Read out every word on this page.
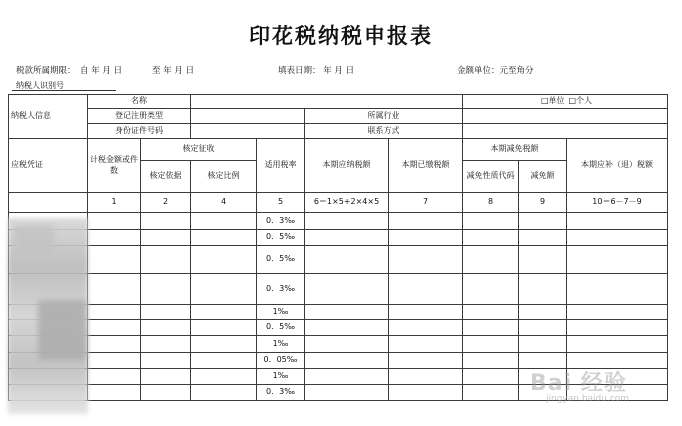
印花税纳税申报表
税款所属期限： 自 年 月 日	至 年 月 日	填表日期： 年 月 日	金额单位：元至角分
纳税人识别号
纳税人信息	名称						□单位		□个人
	登记注册类型				所属行业				
	身份证件号码				联系方式				
应税凭证	计税金额或件数	核定征收		适用税率	本期应纳税额	本期已缴税额	本期减免税额		本期应补（退）税额
		核定依据	核定比例				减免性质代码	减免额	
	1	2	4	5	6＝1×5+2×4×5	7	8	9	10＝6－7－9
				0．3‰					
				0．5‰					
				0．5‰					
				0．3‰					
				1‰					
				0．5‰					
				1‰					
				0．05‰					
				1‰					
				0．3‰						Bai 经验
jingyan.baidu.com
